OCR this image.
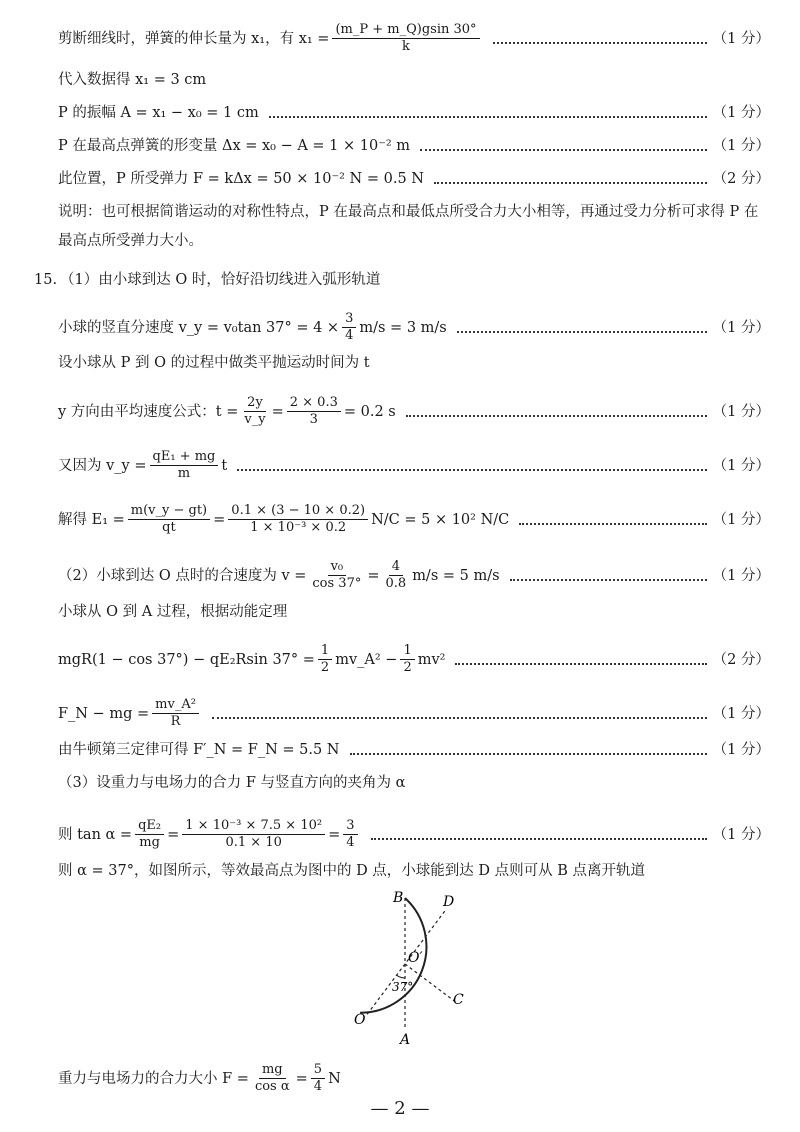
剪断细线时，弹簧的伸长量为 x₁，有 $x_1 = \frac{(m\_P + m\_Q)gsin 30^\circ}{k}$	（1 分）
代入数据得 x₁ = 3 cm
P 的振幅 A = x₁ − x₀ = 1 cm	（1 分）
P 在最高点弹簧的形变量 Δx = x₀ − A = 1 × 10⁻² m	（1 分）
此位置，P 所受弹力 F = kΔx = 50 × 10⁻² N = 0.5 N	（2 分）
说明：也可根据简谐运动的对称性特点，P 在最高点和最低点所受合力大小相等，再通过受力分析可求得 P 在最高点所受弹力大小。
15. （1）由小球到达 O 时，恰好沿切线进入弧形轨道
小球的竖直分速度 v_y = v₀tan $37^\circ = 4 \times \frac{3}{4} m/s = 3$ m/s	（1 分）
设小球从 P 到 O 的过程中做类平抛运动时间为 t
y 方向由平均速度公式：$t = \frac{2y}{v\_y} = \frac{2 \times 0.3}{3} = 0.2$ s	（1 分）
又因为 v_y = $\frac{\text{qE₁ + mg}}{m}$ t	（1 分）
解得 $E_1 = \frac{m(v\_y - gt)}{qt} = \frac{0.1 \times (3 - 10 \times 0.2)}{\text{1 × 10⁻³ × 0.2}} N/C = 5 \times 10^2$ N/C	（1 分）
（2）小球到达 O 点时的合速度为 $v = \frac{\text{v₀}}{\cos 37^\circ} = \frac{4}{0.8} m/s = 5$ m/s	（1 分）
小球从 O 到 A 过程，根据动能定理
mgR(1 − cos 37°) − qE₂Rsin $37^\circ = \frac{1}{2}$ mv_A² − $\frac{1}{2} mv^2$	（2 分）
F_N − mg = $\frac{\text{mv\_A²}}{R}$	（1 分）
由牛顿第三定律可得 F′_N = F_N = 5.5 N	（1 分）
（3）设重力与电场力的合力 F 与竖直方向的夹角为 α
则 $\tan \alpha = \frac{\text{qE₂}}{mg} = \frac{\text{1 × 10⁻³ × 7.5 × 10²}}{0.1 \times 10} = \frac{3}{4}$	（1 分）
则 α = 37°，如图所示，等效最高点为图中的 D 点，小球能到达 D 点则可从 B 点离开轨道
B	D
O′
37°
C
O
A
重力与电场力的合力大小 $F = \frac{mg}{\text{cos α}} = \frac{5}{4}$ N
— 2 —
